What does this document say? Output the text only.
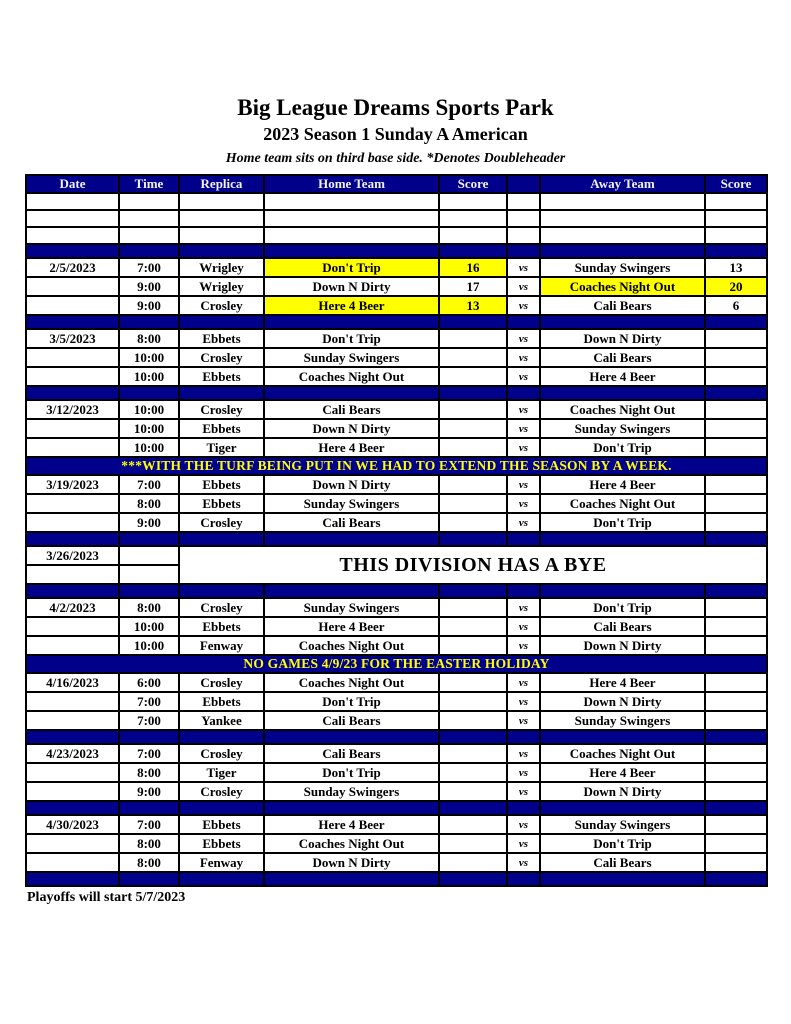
Big League Dreams Sports Park
2023 Season 1 Sunday A American
Home team sits on third base side. *Denotes Doubleheader
Date	Time	Replica	Home Team	Score		Away Team	Score

2/5/2023	7:00	Wrigley	Don't Trip	16	vs	Sunday Swingers	13
	9:00	Wrigley	Down N Dirty	17	vs	Coaches Night Out	20
	9:00	Crosley	Here 4 Beer	13	vs	Cali Bears	6

3/5/2023	8:00	Ebbets	Don't Trip		vs	Down N Dirty	
	10:00	Crosley	Sunday Swingers		vs	Cali Bears	
	10:00	Ebbets	Coaches Night Out		vs	Here 4 Beer	

3/12/2023	10:00	Crosley	Cali Bears		vs	Coaches Night Out	
	10:00	Ebbets	Down N Dirty		vs	Sunday Swingers	
	10:00	Tiger	Here 4 Beer		vs	Don't Trip	
***WITH THE TURF BEING PUT IN WE HAD TO EXTEND THE SEASON BY A WEEK.							
3/19/2023	7:00	Ebbets	Down N Dirty		vs	Here 4 Beer	
	8:00	Ebbets	Sunday Swingers		vs	Coaches Night Out	
	9:00	Crosley	Cali Bears		vs	Don't Trip	

3/26/2023		THIS DIVISION HAS A BYE					

4/2/2023	8:00	Crosley	Sunday Swingers		vs	Don't Trip	
	10:00	Ebbets	Here 4 Beer		vs	Cali Bears	
	10:00	Fenway	Coaches Night Out		vs	Down N Dirty	
NO GAMES 4/9/23 FOR THE EASTER HOLIDAY							
4/16/2023	6:00	Crosley	Coaches Night Out		vs	Here 4 Beer	
	7:00	Ebbets	Don't Trip		vs	Down N Dirty	
	7:00	Yankee	Cali Bears		vs	Sunday Swingers	

4/23/2023	7:00	Crosley	Cali Bears		vs	Coaches Night Out	
	8:00	Tiger	Don't Trip		vs	Here 4 Beer	
	9:00	Crosley	Sunday Swingers		vs	Down N Dirty	

4/30/2023	7:00	Ebbets	Here 4 Beer		vs	Sunday Swingers	
	8:00	Ebbets	Coaches Night Out		vs	Don't Trip	
	8:00	Fenway	Down N Dirty		vs	Cali Bears	

Playoffs will start 5/7/2023
